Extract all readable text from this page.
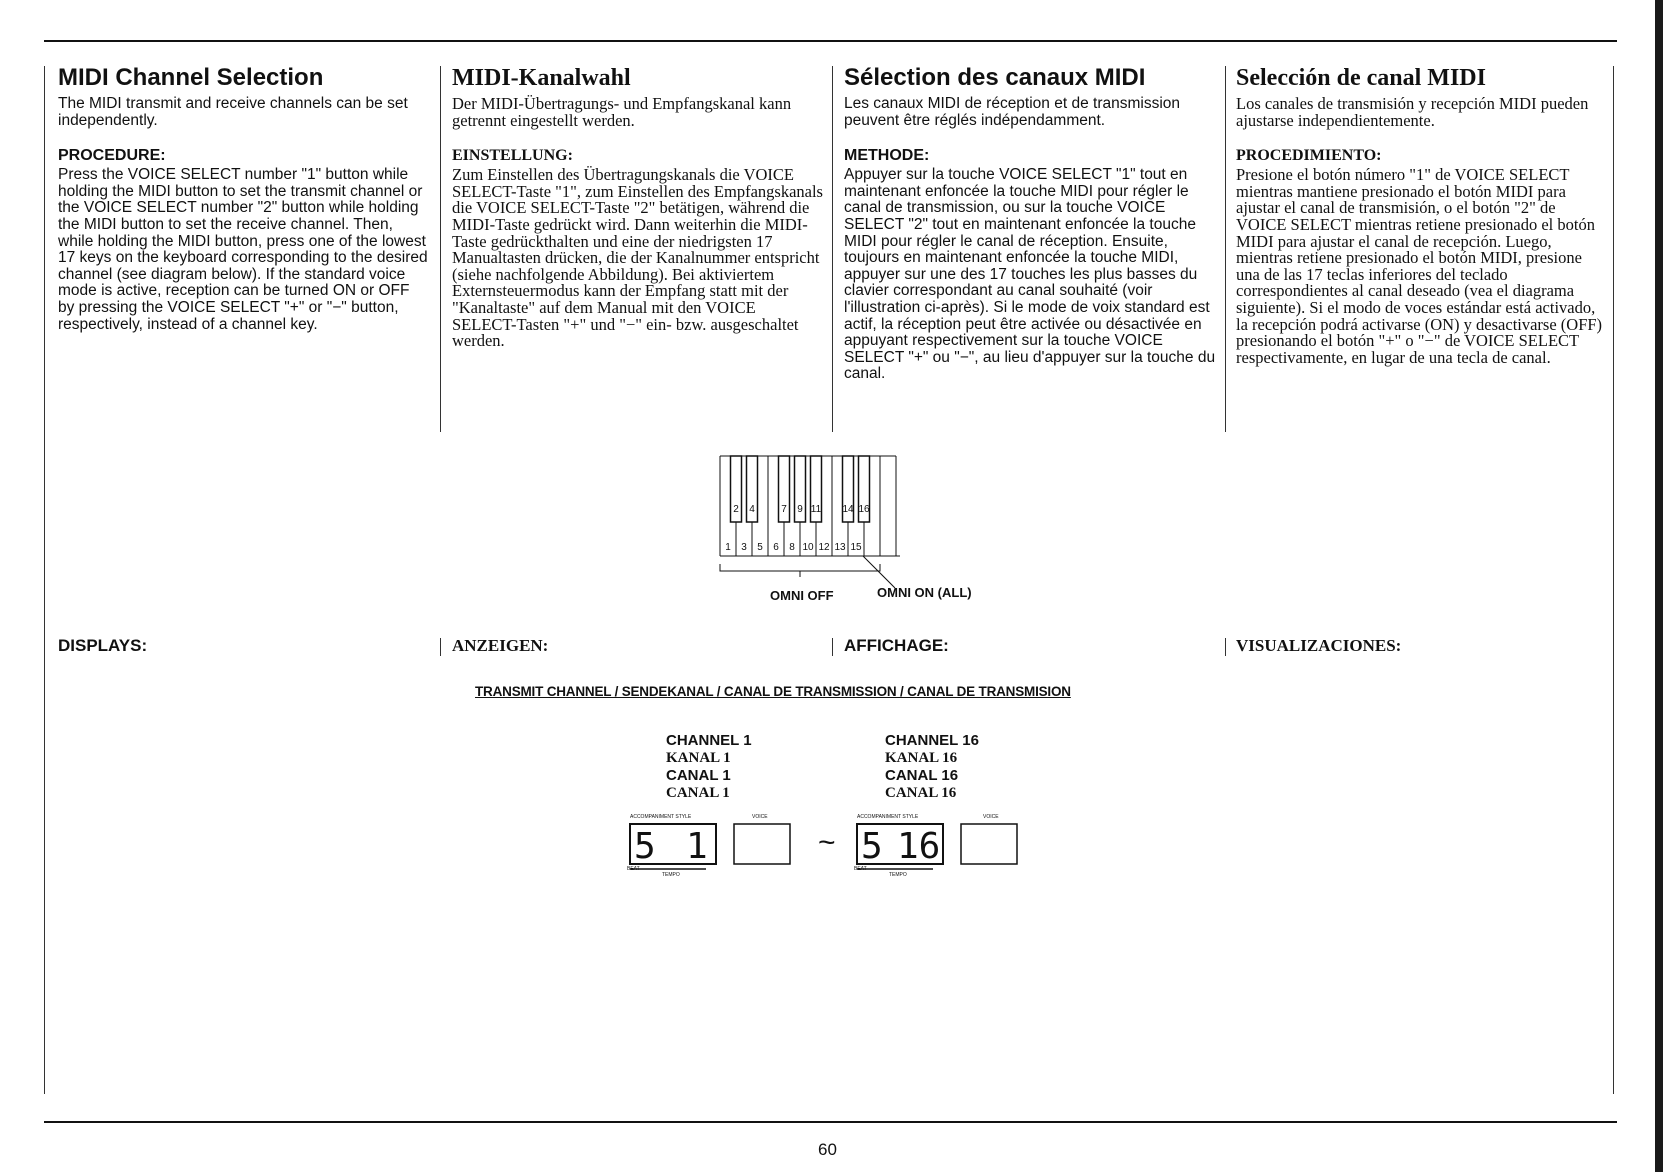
MIDI Channel Selection

The MIDI transmit and receive channels can be set independently.

PROCEDURE:

Press the VOICE SELECT number "1" button while holding the MIDI button to set the transmit channel or the VOICE SELECT number "2" button while holding the MIDI button to set the receive channel. Then, while holding the MIDI button, press one of the lowest 17 keys on the keyboard corresponding to the desired channel (see diagram below). If the standard voice mode is active, reception can be turned ON or OFF by pressing the VOICE SELECT "+" or "−" button, respectively, instead of a channel key.

MIDI-Kanalwahl

Der MIDI-Übertragungs- und Empfangskanal kann getrennt eingestellt werden.

EINSTELLUNG:

Zum Einstellen des Übertragungskanals die VOICE SELECT-Taste "1", zum Einstellen des Empfangskanals die VOICE SELECT-Taste "2" betätigen, während die MIDI-Taste gedrückt wird. Dann weiterhin die MIDI-Taste gedrückthalten und eine der niedrigsten 17 Manualtasten drücken, die der Kanalnummer entspricht (siehe nachfolgende Abbildung). Bei aktiviertem Externsteuermodus kann der Empfang statt mit der "Kanaltaste" auf dem Manual mit den VOICE SELECT-Tasten "+" und "−" ein- bzw. ausgeschaltet werden.

Sélection des canaux MIDI

Les canaux MIDI de réception et de transmission peuvent être réglés indépendamment.

METHODE:

Appuyer sur la touche VOICE SELECT "1" tout en maintenant enfoncée la touche MIDI pour régler le canal de transmission, ou sur la touche VOICE SELECT "2" tout en maintenant enfoncée la touche MIDI pour régler le canal de réception. Ensuite, toujours en maintenant enfoncée la touche MIDI, appuyer sur une des 17 touches les plus basses du clavier correspondant au canal souhaité (voir l'illustration ci-après). Si le mode de voix standard est actif, la réception peut être activée ou désactivée en appuyant respectivement sur la touche VOICE SELECT "+" ou "−", au lieu d'appuyer sur la touche du canal.

Selección de canal MIDI

Los canales de transmisión y recepción MIDI pueden ajustarse independientemente.

PROCEDIMIENTO:

Presione el botón número "1" de VOICE SELECT mientras mantiene presionado el botón MIDI para ajustar el canal de transmisión, o el botón "2" de VOICE SELECT mientras retiene presionado el botón MIDI para ajustar el canal de recepción. Luego, mientras retiene presionado el botón MIDI, presione una de las 17 teclas inferiores del teclado correspondientes al canal deseado (vea el diagrama siguiente). Si el modo de voces estándar está activado, la recepción podrá activarse (ON) y desactivarse (OFF) presionando el botón "+" o "−" de VOICE SELECT respectivamente, en lugar de una tecla de canal.

1 3 5 6 8 10 12 13 15
2 4	7 9 11 14 16
OMNI OFF	OMNI ON (ALL)
DISPLAYS:	ANZEIGEN:	AFFICHAGE:	VISUALIZACIONES:
TRANSMIT CHANNEL / SENDEKANAL / CANAL DE TRANSMISSION / CANAL DE TRANSMISION
CHANNEL 1
KANAL 1
CANAL 1
CANAL 1
CHANNEL 16
KANAL 16
CANAL 16
CANAL 16
ACCOMPANIMENT STYLE	VOICE
5 1
BEAT
TEMPO
~
ACCOMPANIMENT STYLE	VOICE
5 16
BEAT
TEMPO
60
